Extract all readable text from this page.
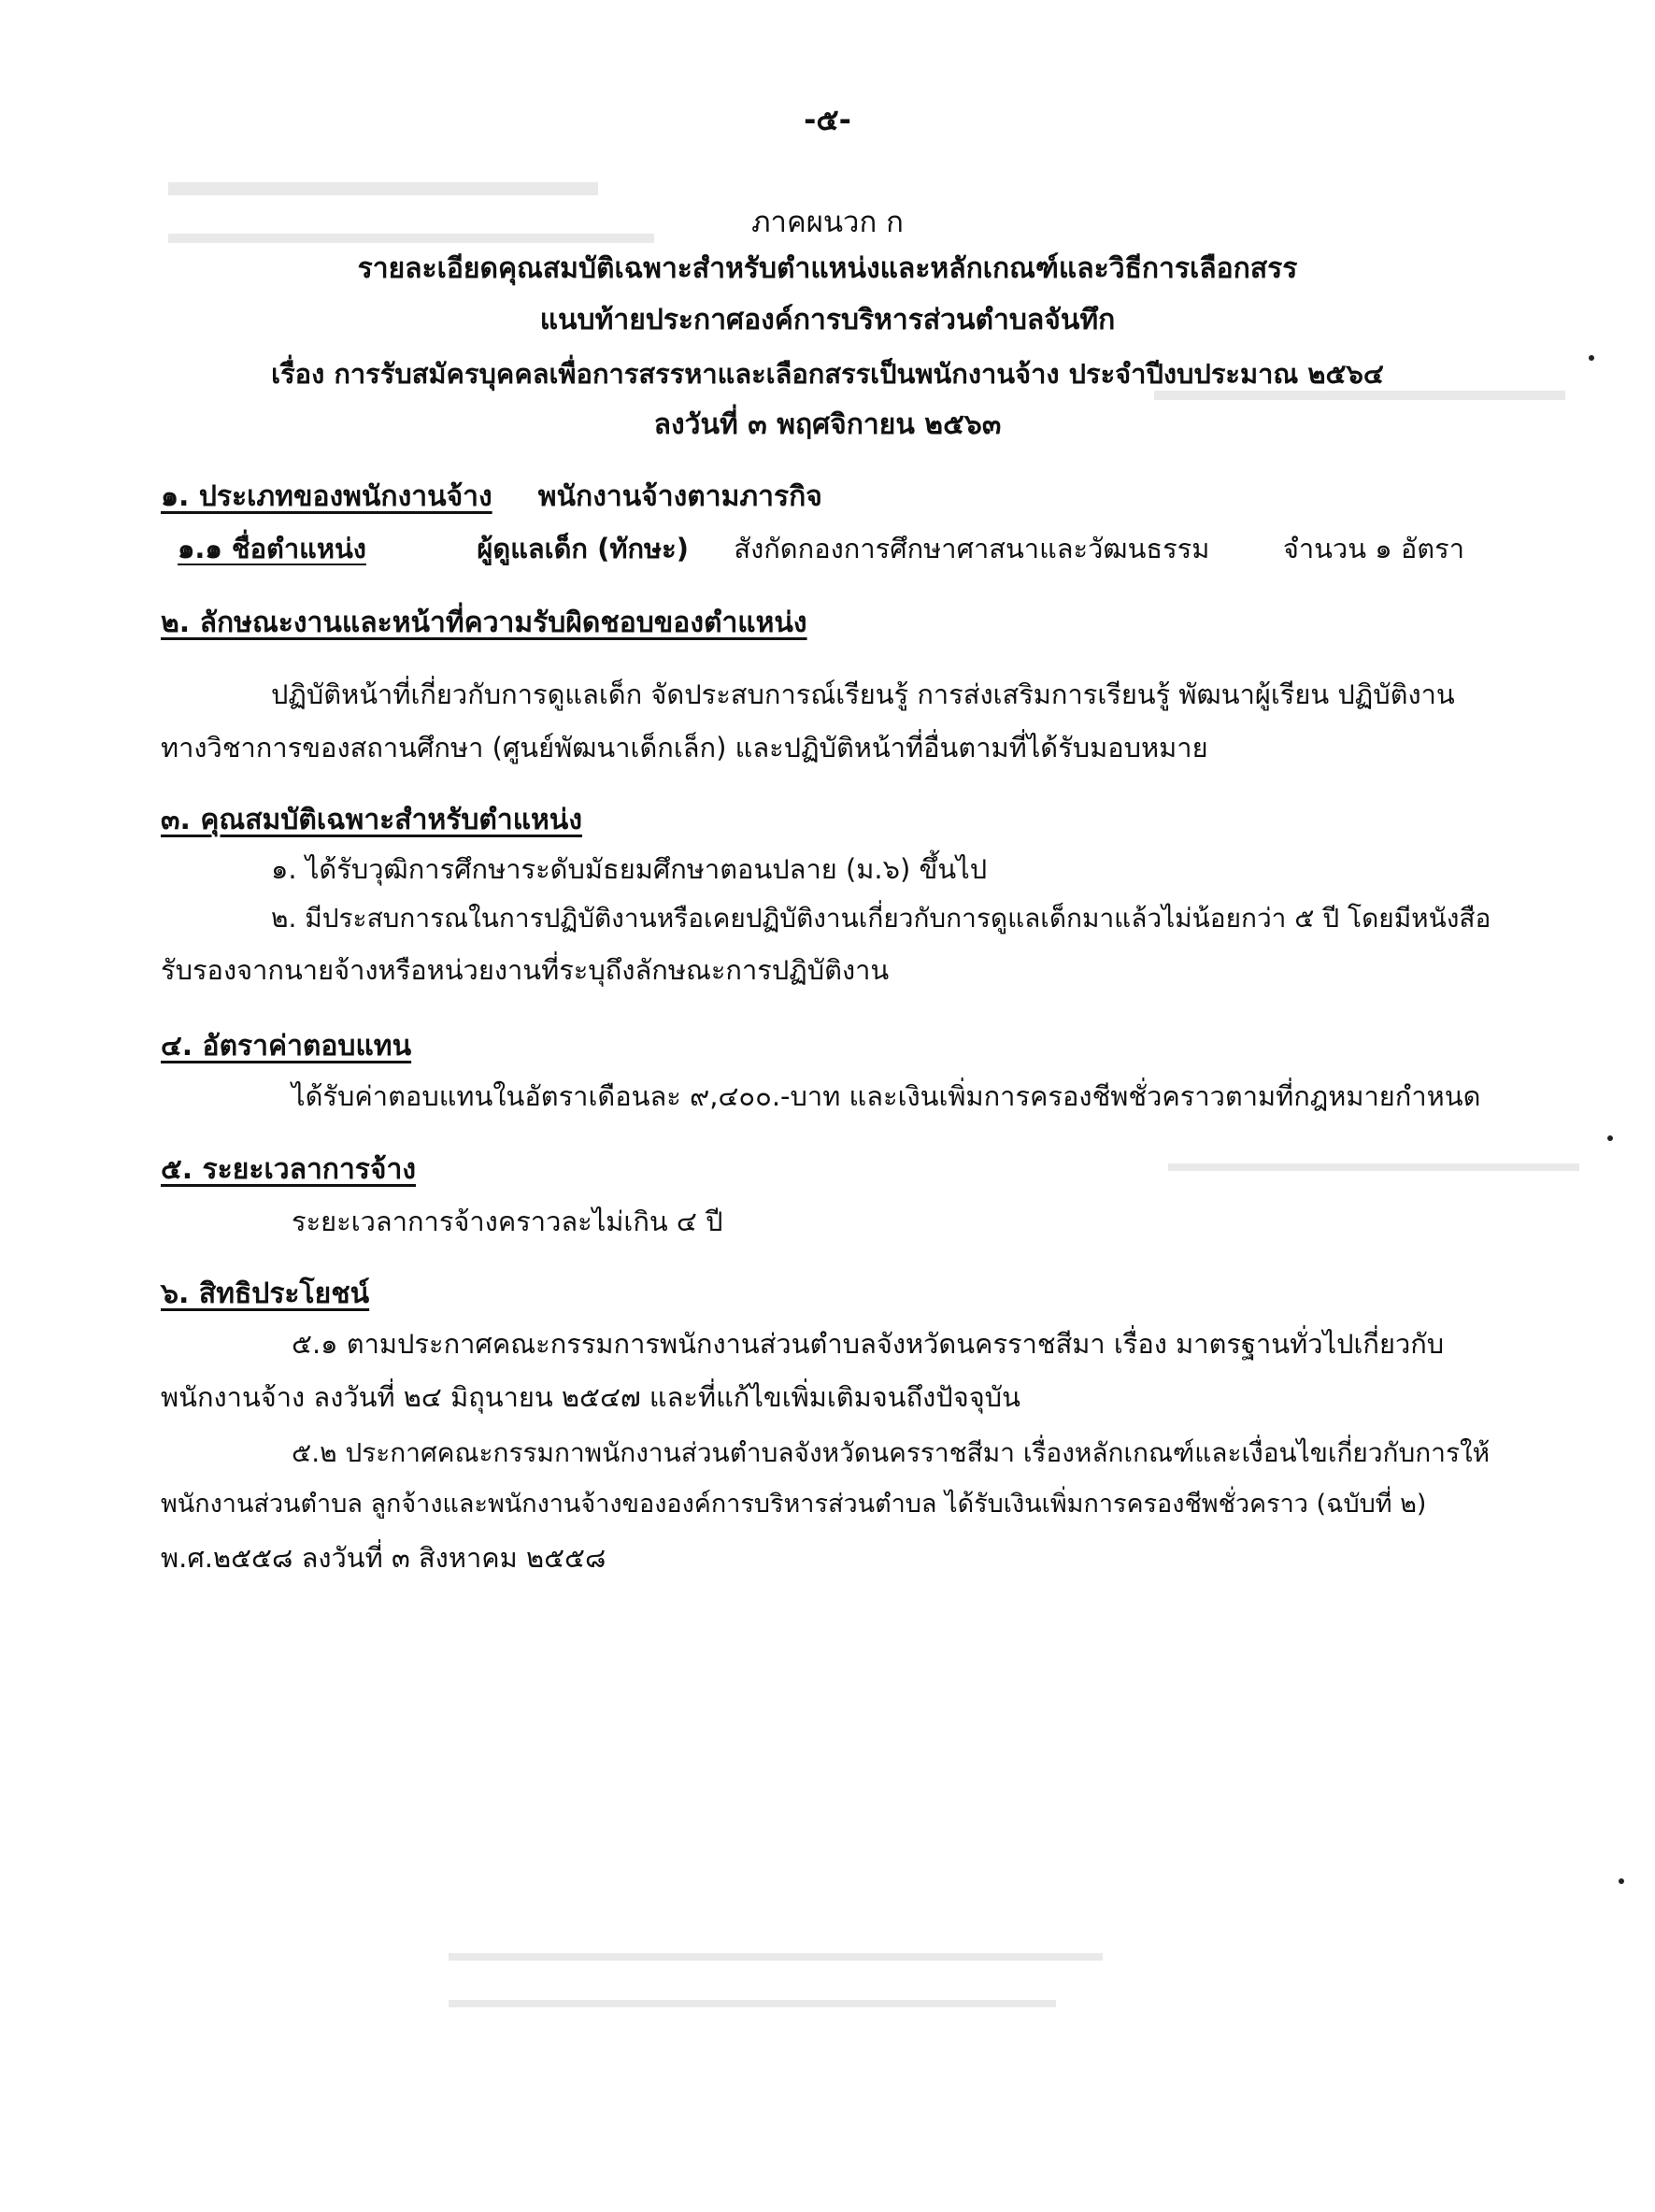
-๕-
ภาคผนวก ก
รายละเอียดคุณสมบัติเฉพาะสำหรับตำแหน่งและหลักเกณฑ์และวิธีการเลือกสรร
แนบท้ายประกาศองค์การบริหารส่วนตำบลจันทึก
เรื่อง การรับสมัครบุคคลเพื่อการสรรหาและเลือกสรรเป็นพนักงานจ้าง ประจำปีงบประมาณ ๒๕๖๔
ลงวันที่ ๓ พฤศจิกายน ๒๕๖๓
๑. ประเภทของพนักงานจ้าง พนักงานจ้างตามภารกิจ
๑.๑ ชื่อตำแหน่ง	ผู้ดูแลเด็ก (ทักษะ) สังกัดกองการศึกษาศาสนาและวัฒนธรรม	จำนวน ๑ อัตรา
๒. ลักษณะงานและหน้าที่ความรับผิดชอบของตำแหน่ง
ปฏิบัติหน้าที่เกี่ยวกับการดูแลเด็ก จัดประสบการณ์เรียนรู้ การส่งเสริมการเรียนรู้ พัฒนาผู้เรียน ปฏิบัติงาน
ทางวิชาการของสถานศึกษา (ศูนย์พัฒนาเด็กเล็ก) และปฏิบัติหน้าที่อื่นตามที่ได้รับมอบหมาย
๓. คุณสมบัติเฉพาะสำหรับตำแหน่ง
๑. ได้รับวุฒิการศึกษาระดับมัธยมศึกษาตอนปลาย (ม.๖) ขึ้นไป
๒. มีประสบการณในการปฏิบัติงานหรือเคยปฏิบัติงานเกี่ยวกับการดูแลเด็กมาแล้วไม่น้อยกว่า ๕ ปี โดยมีหนังสือ
รับรองจากนายจ้างหรือหน่วยงานที่ระบุถึงลักษณะการปฏิบัติงาน
๔. อัตราค่าตอบแทน
ได้รับค่าตอบแทนในอัตราเดือนละ ๙,๔๐๐.-บาท และเงินเพิ่มการครองชีพชั่วคราวตามที่กฎหมายกำหนด
๕. ระยะเวลาการจ้าง
ระยะเวลาการจ้างคราวละไม่เกิน ๔ ปี
๖. สิทธิประโยชน์
๕.๑ ตามประกาศคณะกรรมการพนักงานส่วนตำบลจังหวัดนครราชสีมา เรื่อง มาตรฐานทั่วไปเกี่ยวกับ
พนักงานจ้าง ลงวันที่ ๒๔ มิถุนายน ๒๕๔๗ และที่แก้ไขเพิ่มเติมจนถึงปัจจุบัน
๕.๒ ประกาศคณะกรรมกาพนักงานส่วนตำบลจังหวัดนครราชสีมา เรื่องหลักเกณฑ์และเงื่อนไขเกี่ยวกับการให้
พนักงานส่วนตำบล ลูกจ้างและพนักงานจ้างขององค์การบริหารส่วนตำบล ได้รับเงินเพิ่มการครองชีพชั่วคราว (ฉบับที่ ๒)
พ.ศ.๒๕๕๘ ลงวันที่ ๓ สิงหาคม ๒๕๕๘
